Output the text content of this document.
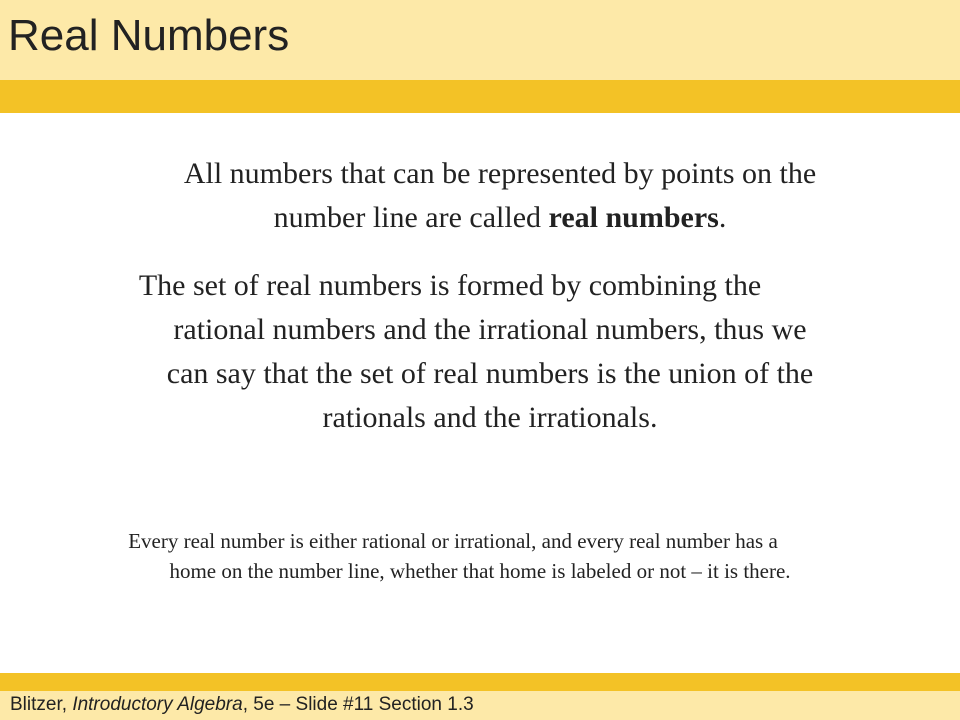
Real Numbers
All numbers that can be represented by points on the
number line are called real numbers.
The set of real numbers is formed by combining the
rational numbers and the irrational numbers, thus we
can say that the set of real numbers is the union of the
rationals and the irrationals.
Every real number is either rational or irrational, and every real number has a
home on the number line, whether that home is labeled or not – it is there.
Blitzer, Introductory Algebra, 5e – Slide #11 Section 1.3
